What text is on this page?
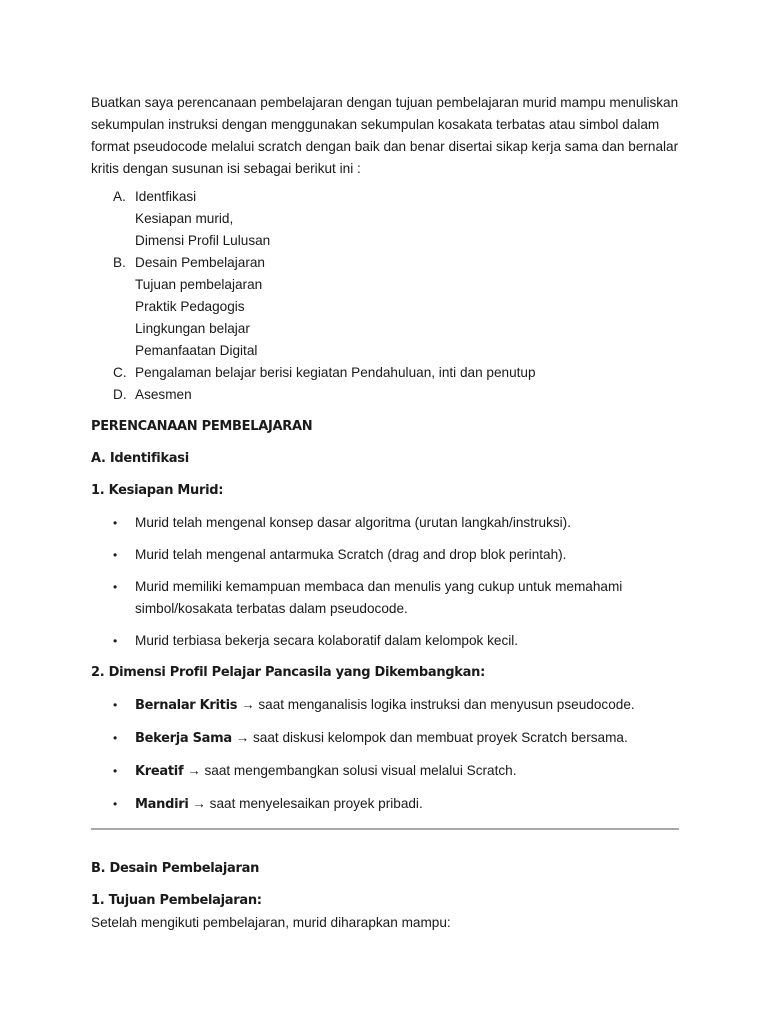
Buatkan saya perencanaan pembelajaran dengan tujuan pembelajaran murid mampu menuliskan sekumpulan instruksi dengan menggunakan sekumpulan kosakata terbatas atau simbol dalam format pseudocode melalui scratch dengan baik dan benar disertai sikap kerja sama dan bernalar kritis dengan susunan isi sebagai berikut ini :

A. Identfikasi
Kesiapan murid,
Dimensi Profil Lulusan
B. Desain Pembelajaran
Tujuan pembelajaran
Praktik Pedagogis
Lingkungan belajar
Pemanfaatan Digital
C. Pengalaman belajar berisi kegiatan Pendahuluan, inti dan penutup
D. Asesmen
PERENCANAAN PEMBELAJARAN
A. Identifikasi
1. Kesiapan Murid:
•	Murid telah mengenal konsep dasar algoritma (urutan langkah/instruksi).
•	Murid telah mengenal antarmuka Scratch (drag and drop blok perintah).
•	Murid memiliki kemampuan membaca dan menulis yang cukup untuk memahami simbol/kosakata terbatas dalam pseudocode.
•	Murid terbiasa bekerja secara kolaboratif dalam kelompok kecil.
2. Dimensi Profil Pelajar Pancasila yang Dikembangkan:
•	Bernalar Kritis → saat menganalisis logika instruksi dan menyusun pseudocode.
•	Bekerja Sama → saat diskusi kelompok dan membuat proyek Scratch bersama.
•	Kreatif → saat mengembangkan solusi visual melalui Scratch.
•	Mandiri → saat menyelesaikan proyek pribadi.
B. Desain Pembelajaran
1. Tujuan Pembelajaran:

Setelah mengikuti pembelajaran, murid diharapkan mampu:
